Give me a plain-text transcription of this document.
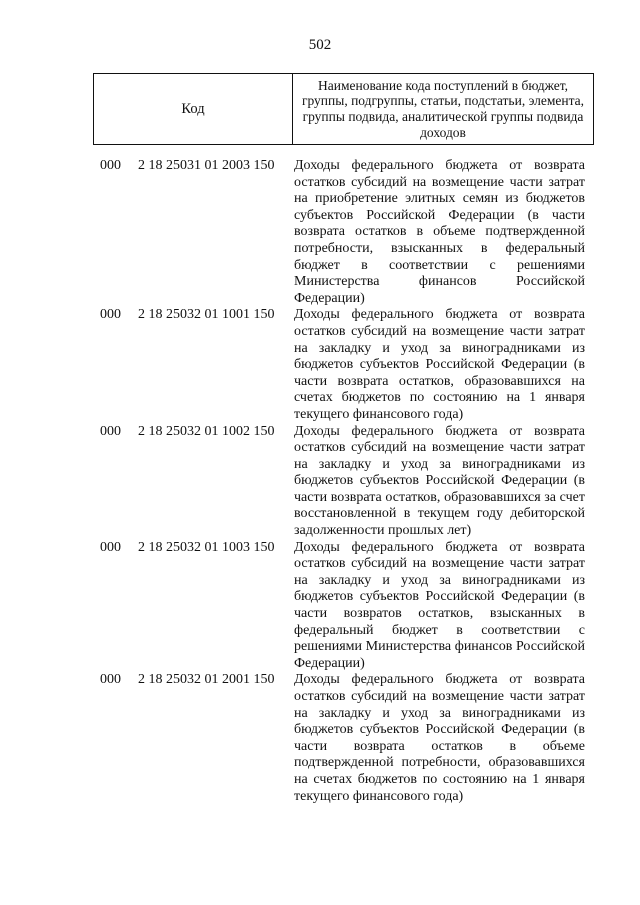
502
Код
Наименование кода поступлений в бюджет, группы, подгруппы, статьи, подстатьи, элемента, группы подвида, аналитической группы подвида доходов
000	2 18 25031 01 2003 150	Доходы федерального бюджета от возврата остатков субсидий на возмещение части затрат на приобретение элитных семян из бюджетов субъектов Российской Федерации (в части возврата остатков в объеме подтвержденной потребности, взысканных в федеральный бюджет в соответствии с решениями Министерства финансов Российской Федерации)
000	2 18 25032 01 1001 150	Доходы федерального бюджета от возврата остатков субсидий на возмещение части затрат на закладку и уход за виноградниками из бюджетов субъектов Российской Федерации (в части возврата остатков, образовавшихся на счетах бюджетов по состоянию на 1 января текущего финансового года)
000	2 18 25032 01 1002 150	Доходы федерального бюджета от возврата остатков субсидий на возмещение части затрат на закладку и уход за виноградниками из бюджетов субъектов Российской Федерации (в части возврата остатков, образовавшихся за счет восстановленной в текущем году дебиторской задолженности прошлых лет)
000	2 18 25032 01 1003 150	Доходы федерального бюджета от возврата остатков субсидий на возмещение части затрат на закладку и уход за виноградниками из бюджетов субъектов Российской Федерации (в части возвратов остатков, взысканных в федеральный бюджет в соответствии с решениями Министерства финансов Российской Федерации)
000	2 18 25032 01 2001 150	Доходы федерального бюджета от возврата остатков субсидий на возмещение части затрат на закладку и уход за виноградниками из бюджетов субъектов Российской Федерации (в части возврата остатков в объеме подтвержденной потребности, образовавшихся на счетах бюджетов по состоянию на 1 января текущего финансового года)
